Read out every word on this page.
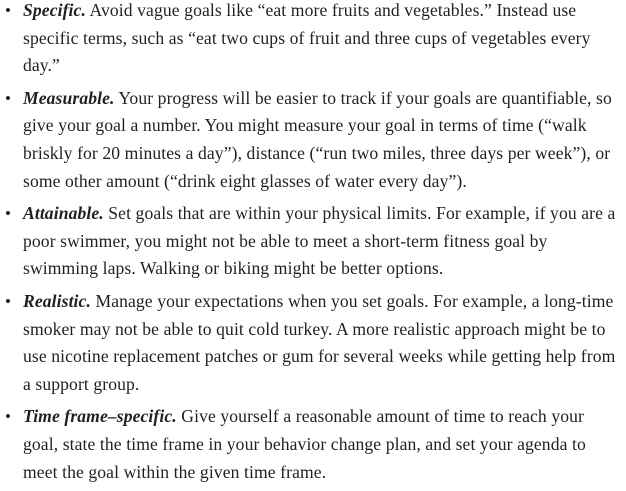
• Specific. Avoid vague goals like “eat more fruits and vegetables.” Instead use specific terms, such as “eat two cups of fruit and three cups of vegetables every day.”
• Measurable. Your progress will be easier to track if your goals are quantifiable, so give your goal a number. You might measure your goal in terms of time (“walk briskly for 20 minutes a day”), distance (“run two miles, three days per week”), or some other amount (“drink eight glasses of water every day”).
• Attainable. Set goals that are within your physical limits. For example, if you are a poor swimmer, you might not be able to meet a short-term fitness goal by swimming laps. Walking or biking might be better options.
• Realistic. Manage your expectations when you set goals. For example, a long-time smoker may not be able to quit cold turkey. A more realistic approach might be to use nicotine replacement patches or gum for several weeks while getting help from a support group.
• Time frame–specific. Give yourself a reasonable amount of time to reach your goal, state the time frame in your behavior change plan, and set your agenda to meet the goal within the given time frame.
